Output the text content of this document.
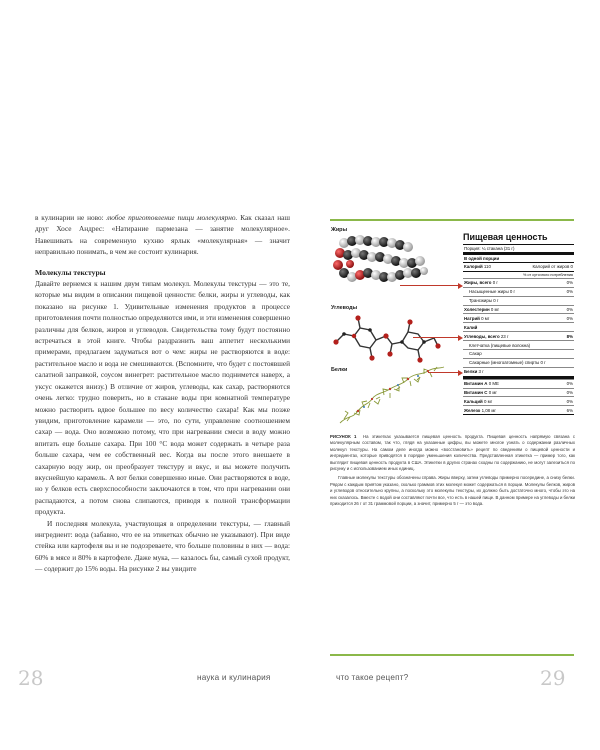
в кулинарии не ново: любое приготовление пищи молекулярно. Как сказал наш друг Хосе Андрес: «Натирание пармезана — занятие молекулярное». Навешивать на современную кухню ярлык «молекулярная» — значит неправильно понимать, в чем же состоит кулинария.

Молекулы текстуры

Давайте вернемся к нашим двум типам молекул. Молекулы текстуры — это те, которые мы видим в описании пищевой ценности: белки, жиры и углеводы, как показано на рисунке 1. Удивительные изменения продуктов в процессе приготовления почти полностью определяются ими, и эти изменения совершенно различны для белков, жиров и углеводов. Свидетельства тому будут постоянно встречаться в этой книге. Чтобы раздразнить ваш аппетит несколькими примерами, предлагаем задуматься вот о чем: жиры не растворяются в воде: растительное масло и вода не смешиваются. (Вспомните, что будет с постоявшей салатной заправкой, соусом винегрет: растительное масло поднимется наверх, а уксус окажется внизу.) В отличие от жиров, углеводы, как сахар, растворяются очень легко: трудно поверить, но в стакане воды при комнатной температуре можно растворить вдвое большее по весу количество сахара! Как мы позже увидим, приготовление карамели — это, по сути, управление соотношением сахар — вода. Оно возможно потому, что при нагревании смеси в воду можно впитать еще больше сахара. При 100 °C вода может содержать в четыре раза больше сахара, чем ее собственный вес. Когда вы после этого внешаете в сахарную воду жир, он преобразует текстуру и вкус, и вы можете получить вкуснейшую карамель. А вот белки совершенно иные. Они растворяются в воде, но у белков есть сверхспособности заключаются в том, что при нагревании они распадаются, а потом снова слипаются, приводя к полной трансформации продукта.

И последняя молекула, участвующая в определении текстуры, — главный ингредиент: вода (забавно, что ее на этикетках обычно не указывают). При виде стейка или картофеля вы и не подозреваете, что больше половины в них — вода: 60% в мясе и 80% в картофеле. Даже мука, — казалось бы, самый сухой продукт, — содержит до 15% воды. На рисунке 2 вы увидите

28	наука и кулинария
Жиры
Углеводы
Белки
Пищевая ценность
Порция: ¼ стакана (31 г)
В одной порции
Калорий 110	Калорий от жиров 0
% от суточного потребления
Жиры, всего 0 г	0%
Насыщенные жиры 0 г	0%
Трансжиры 0 г
Холестерин 0 мг	0%
Натрий 0 мг	0%
Калий
Углеводы, всего 23 г	8%
Клетчатка (пищевые волокна)
Сахар
Сахарные (многоатомные) спирты 0 г
Белки 3 г
Витамин А 0 МЕ	0%
Витамин С 0 мг	0%
Кальций 0 мг	0%
Железо 1,08 мг	6%

РИСУНОК 1 На этикетках указывается пищевая ценность продукта. Пищевая ценность напрямую связана с молекулярным составом, так что, глядя на указанные цифры, вы можете многое узнать о содержании различных молекул текстуры. На самом деле иногда можно «восстановить» рецепт по сведениям о пищевой ценности и ингредиентах, которые приводятся в порядке уменьшения количества. Представленная этикетка — пример того, как выглядит пищевая ценность продукта в США. Этикетки в других странах сходны по содержанию, не могут залезиться по рисунку и с использованием иных единиц.

Главные молекулы текстуры обозначены справа. Жиры вверху, затем углеводы примерно посередине, а снизу белки. Рядом с каждым приятом указано, сколько граммов этих молекул может содержаться в порции. Молекулы белков, жиров и углеводов относительно крупны, а поскольку это молекулы текстуры, их должно быть достаточно много, чтобы это на них сказалось. Вместе с водой они составляют почти все, что есть в нашей пище. В данном примере на углеводы и белки приходится 26 г от 31 граммовой порции, а значит, примерно 5 г — это вода.

что такое рецепт?	29
